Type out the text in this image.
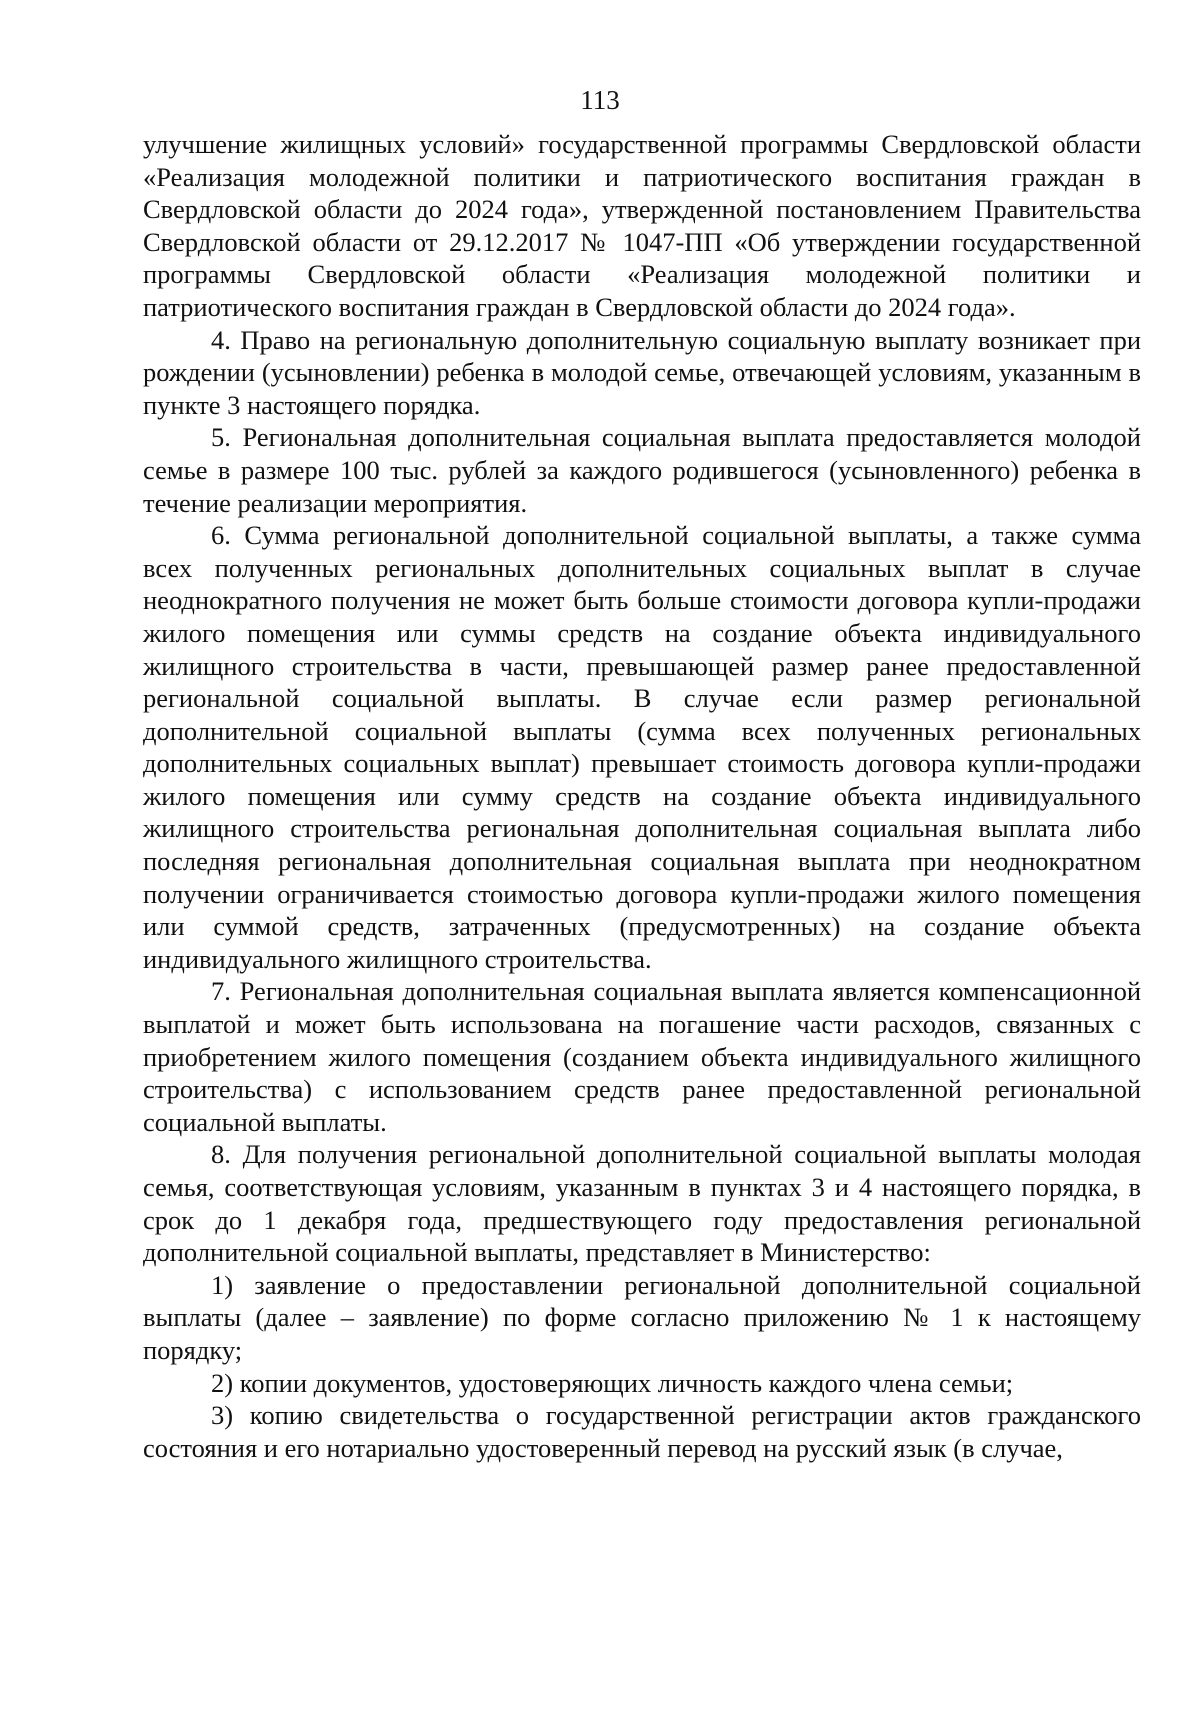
113

улучшение жилищных условий» государственной программы Свердловской области «Реализация молодежной политики и патриотического воспитания граждан в Свердловской области до 2024 года», утвержденной постановлением Правительства Свердловской области от 29.12.2017 № 1047-ПП «Об утверждении государственной программы Свердловской области «Реализация молодежной политики и патриотического воспитания граждан в Свердловской области до 2024 года».

4. Право на региональную дополнительную социальную выплату возникает при рождении (усыновлении) ребенка в молодой семье, отвечающей условиям, указанным в пункте 3 настоящего порядка.

5. Региональная дополнительная социальная выплата предоставляется молодой семье в размере 100 тыс. рублей за каждого родившегося (усыновленного) ребенка в течение реализации мероприятия.

6. Сумма региональной дополнительной социальной выплаты, а также сумма всех полученных региональных дополнительных социальных выплат в случае неоднократного получения не может быть больше стоимости договора купли-продажи жилого помещения или суммы средств на создание объекта индивидуального жилищного строительства в части, превышающей размер ранее предоставленной региональной социальной выплаты. В случае если размер региональной дополнительной социальной выплаты (сумма всех полученных региональных дополнительных социальных выплат) превышает стоимость договора купли-продажи жилого помещения или сумму средств на создание объекта индивидуального жилищного строительства региональная дополнительная социальная выплата либо последняя региональная дополнительная социальная выплата при неоднократном получении ограничивается стоимостью договора купли-продажи жилого помещения или суммой средств, затраченных (предусмотренных) на создание объекта индивидуального жилищного строительства.

7. Региональная дополнительная социальная выплата является компенсационной выплатой и может быть использована на погашение части расходов, связанных с приобретением жилого помещения (созданием объекта индивидуального жилищного строительства) с использованием средств ранее предоставленной региональной социальной выплаты.

8. Для получения региональной дополнительной социальной выплаты молодая семья, соответствующая условиям, указанным в пунктах 3 и 4 настоящего порядка, в срок до 1 декабря года, предшествующего году предоставления региональной дополнительной социальной выплаты, представляет в Министерство:

1) заявление о предоставлении региональной дополнительной социальной выплаты (далее – заявление) по форме согласно приложению № 1 к настоящему порядку;

2) копии документов, удостоверяющих личность каждого члена семьи;

3) копию свидетельства о государственной регистрации актов гражданского состояния и его нотариально удостоверенный перевод на русский язык (в случае,
